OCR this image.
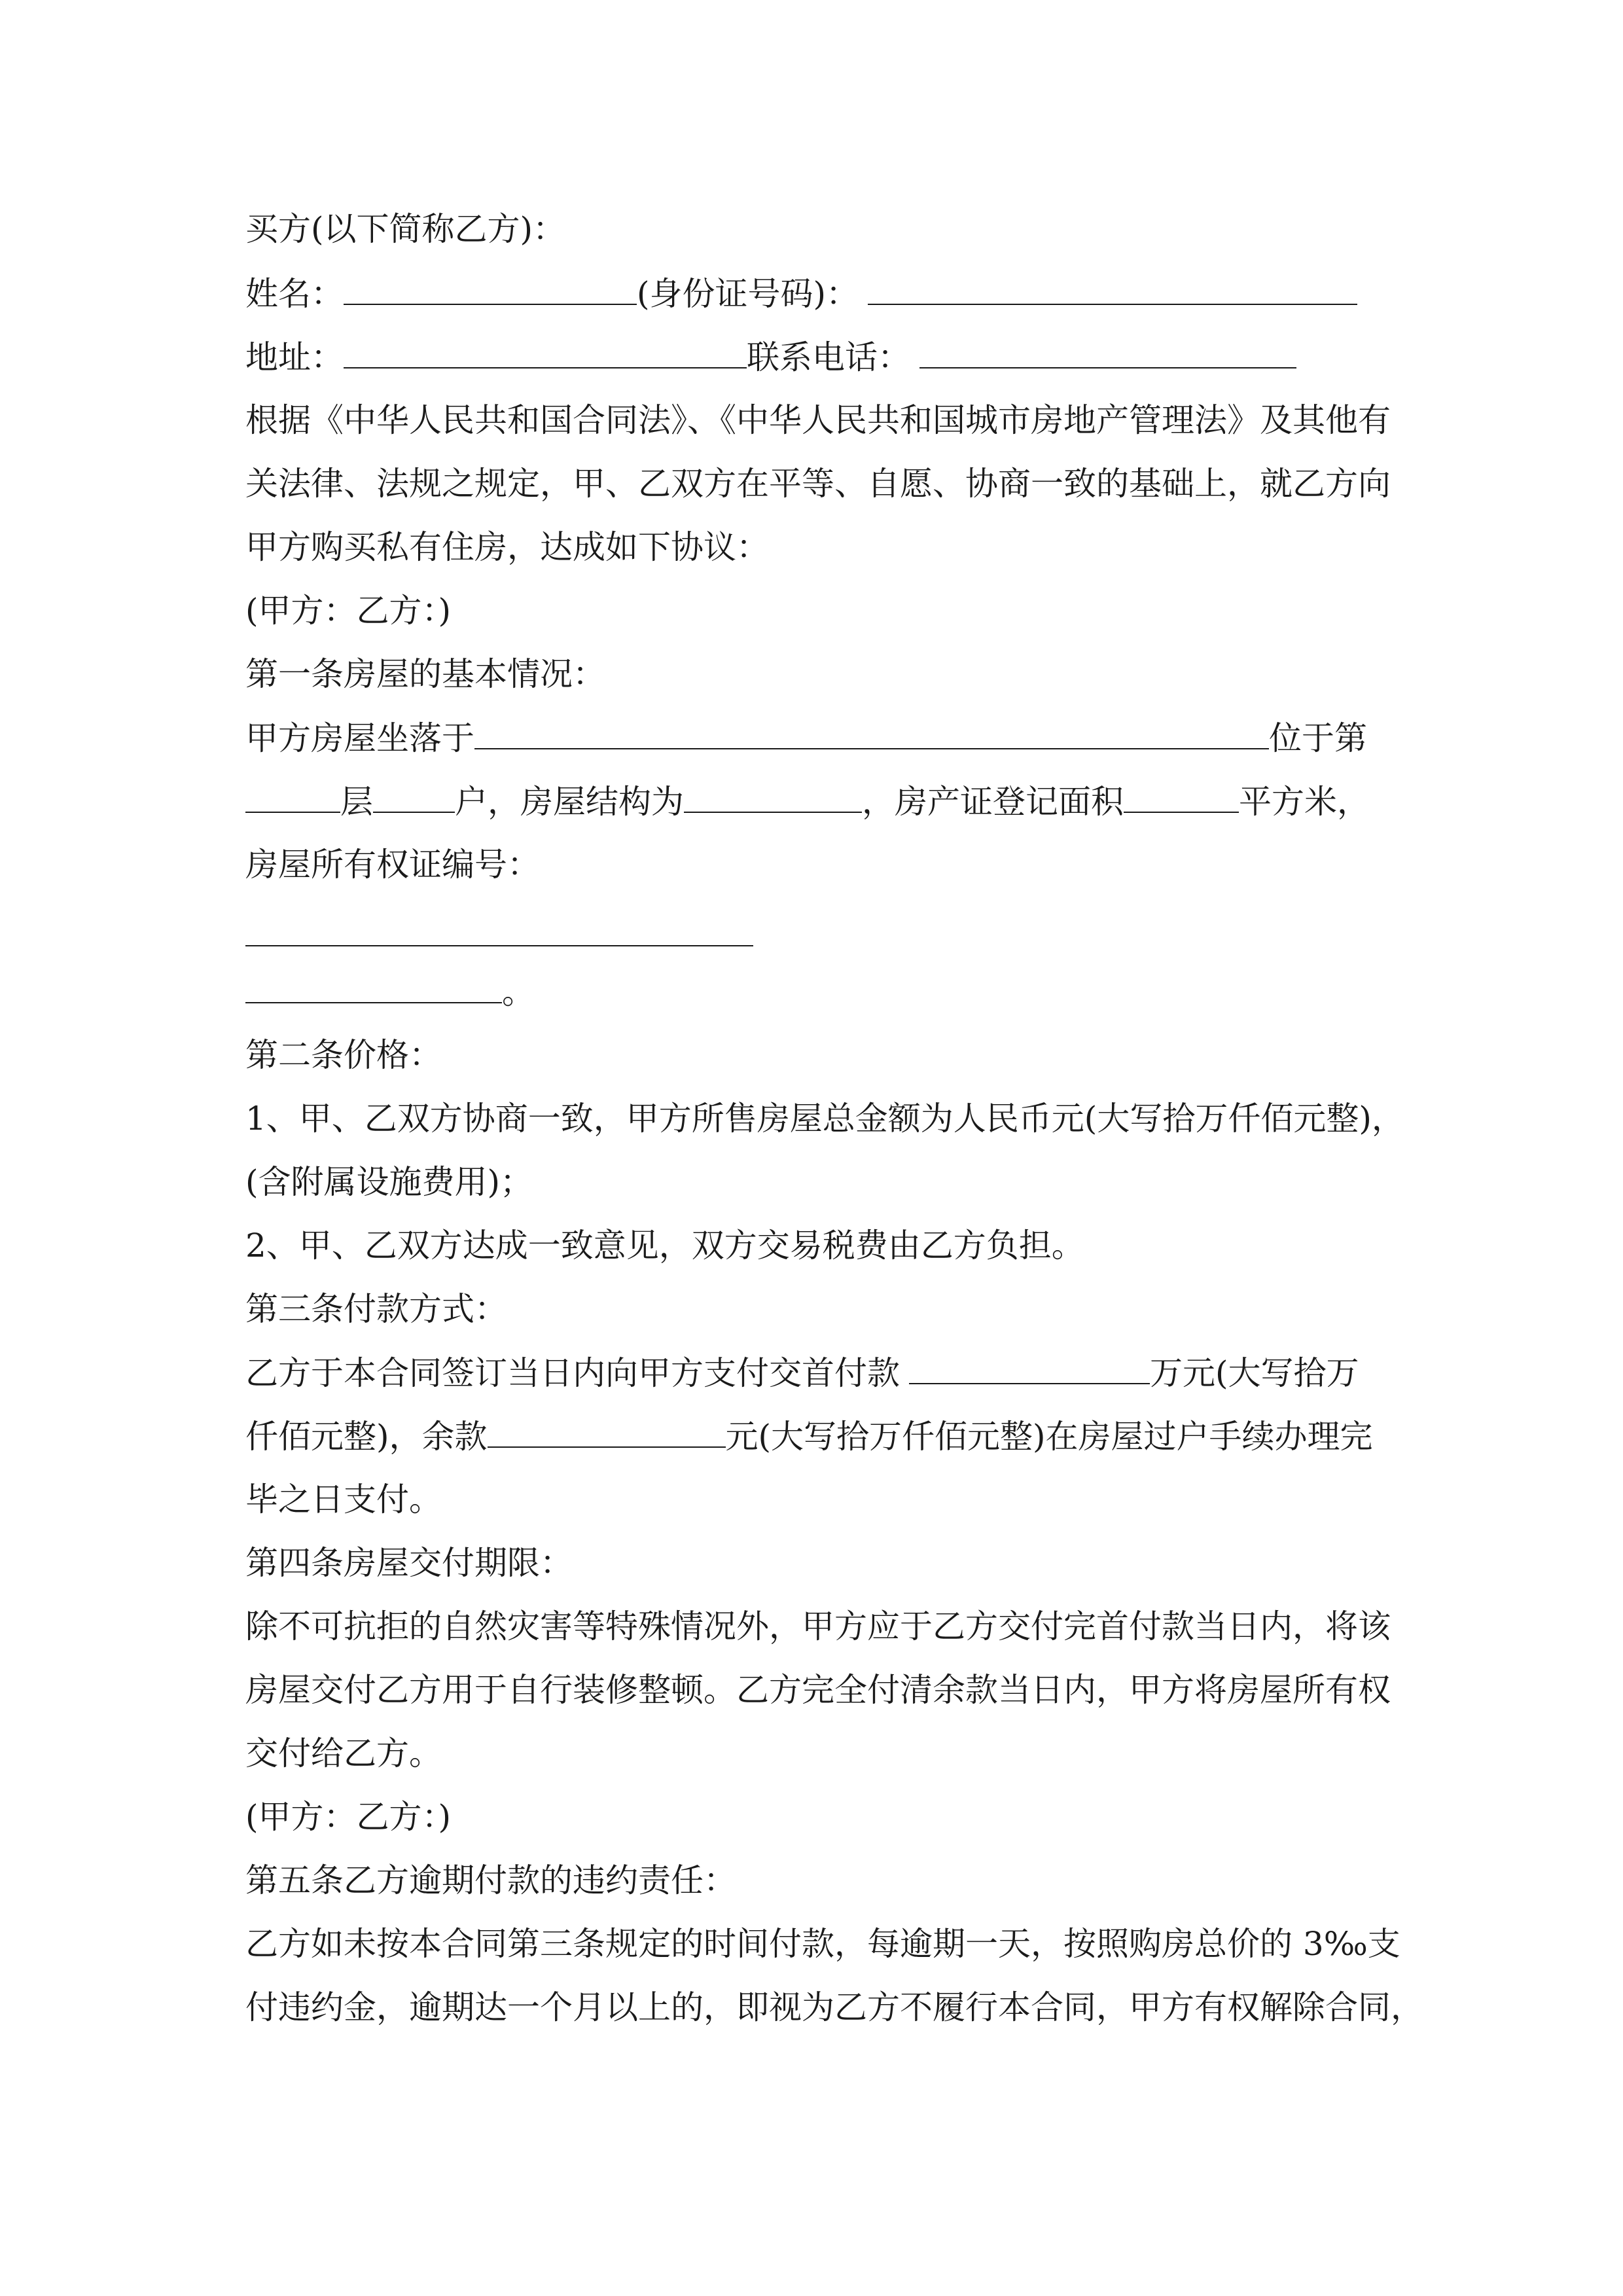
买方(以下简称乙方)：
姓名：	(身份证号码)：
地址：	联系电话：
根据《中华人民共和国合同法》、《中华人民共和国城市房地产管理法》及其他有
关法律、法规之规定，甲、乙双方在平等、自愿、协商一致的基础上，就乙方向
甲方购买私有住房，达成如下协议：
(甲方：乙方：)
第一条房屋的基本情况：
甲方房屋坐落于	位于第
层	户，房屋结构为	，房产证登记面积	平方米，
房屋所有权证编号：
。
第二条价格：
1、甲、乙双方协商一致，甲方所售房屋总金额为人民币元(大写拾万仟佰元整)，
(含附属设施费用)；
2、甲、乙双方达成一致意见，双方交易税费由乙方负担。
第三条付款方式：
乙方于本合同签订当日内向甲方支付交首付款	万元(大写拾万
仟佰元整)，余款	元(大写拾万仟佰元整)在房屋过户手续办理完
毕之日支付。
第四条房屋交付期限：
除不可抗拒的自然灾害等特殊情况外，甲方应于乙方交付完首付款当日内，将该
房屋交付乙方用于自行装修整顿。乙方完全付清余款当日内，甲方将房屋所有权
交付给乙方。
(甲方：乙方：)
第五条乙方逾期付款的违约责任：
乙方如未按本合同第三条规定的时间付款，每逾期一天，按照购房总价的 3‰支
付违约金，逾期达一个月以上的，即视为乙方不履行本合同，甲方有权解除合同，
